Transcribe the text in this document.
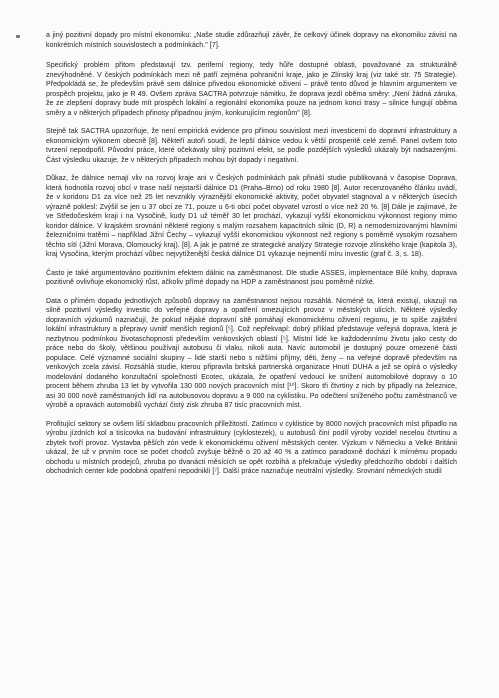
a jiný pozitivní dopady pro místní ekonomiku: „Naše studie zdůrazňují závěr, že celkový účinek dopravy na ekonomiku závisí na konkrétních místních souvislostech a podmínkách." [7].

Specifický problém přitom představují tzv. periferní regiony, tedy hůře dostupné oblasti, považované za strukturálně znevýhodněné. V českých podmínkách mezi ně patří zejména pohraniční kraje, jako je Zlínský kraj (viz také str. 75 Strategie). Předpokládá se, že především právě sem dálnice přivedou ekonomické oživení – právě tento důvod je hlavním argumentem ve prospěch projektu, jako je R 49. Ovšem zpráva SACTRA potvrzuje námitku, že doprava jezdí oběma směry: „Není žádná záruka, že ze zlepšení dopravy bude mít prospěch lokální a regionální ekonomika pouze na jednom konci trasy – silnice fungují oběma směry a v některých případech přinosy připadnou jiným, konkurujícím regionům" [8].

Stejně tak SACTRA upozorňuje, že není empirická evidence pro přímou souvislost mezi investicemi do dopravní infrastruktury a ekonomickým výkonem obecně [8]. Někteří autoři soudí, že lepší dálnice vedou k větší prosperitě celé země. Panel ovšem toto tvrzení nepodpořil. Původní práce, které očekávaly silný pozitivní efekt, se podle pozdějších výsledků ukázaly být nadsazenými. Část výsledku ukazuje, že v některých případech mohou být dopady i negativní.

Důkaz, že dálnice nemají vliv na rozvoj kraje ani v Českých podmínkách pak přináší studie publikovaná v časopise Doprava, která hodnotila rozvoj obcí v trase naší nejstarší dálnice D1 (Praha–Brno) od roku 1980 [8]. Autor recenzovaného článku uvádí, že v koridoru D1 za více než 25 let nevznikly výraznějiší ekonomické aktivity, počet obyvatel stagnoval a v některých úsecích výrazně poklesl: Zvýšil se jen u 37 obcí ze 71, pouze u 6-ti obcí počet obyvatel vzrostl o více než 20 %. [8] Dále je zajímavé, že ve Středočeském kraji i na Vysočině, kudy D1 už téměř 30 let prochází, vykazují vyšší ekonomickou výkonnost regiony mimo koridor dálnice. V krajském srovnání některé regiony s malým rozsahem kapacitních silnic (D, R) a nemodernizovanými hlavními železničními tratěmi – například Jižní Čechy – vykazují vyšší ekonomickou výkonnost než regiony s poměrně vysokým rozsahem těchto sítí (Jižní Morava, Olomoucký kraj). [8]. A jak je patrné ze strategické analýzy Strategie rozvoje zlínského kraje (kapitola 3), kraj Vysočina, kterým prochází vůbec nejvytíženější česká dálnice D1 vykazuje nejmenší míru investic (graf č. 3, s. 18).

Často je také argumentováno pozitivním efektem dálnic na zaměstnanost. Dle studie ASSES, implementace Bílé knihy, doprava pozitivně ovlivňuje ekonomický růst, ačkoliv přímé dopady na HDP a zaměstnanost jsou poměrně nízké.

Data o přímém dopadu jednotlivých způsobů dopravy na zaměstnanost nejsou rozsáhlá. Nicméně ta, která existují, ukazují na silně pozitivní výsledky investic do veřejné dopravy a opatření omezujících provoz v městských ulicích. Některé výsledky dopravních výzkumů naznačují, že pokud nějaké dopravní sítě pomáhají ekonomickému oživení regionu, je to spíše zajištění lokální infrastruktury a přepravy uvnitř menších regionů [⁵]. Což nepřekvapí: dobrý příklad představuje veřejná doprava, která je nezbytnou podmínkou životaschopnosti především venkovských oblastí [⁵]. Místní lidé ke každodennímu životu jako cesty do práce nebo do školy, většinou používají autobusu či vlaku, nikoli auta. Navíc automobil je dostupný pouze omezené části populace. Celé významné sociální skupiny – lidé starší nebo s nižšími příjmy, děti, ženy – na veřejné dopravě především na venkových zcela závisí. Rozsáhlá studie, kterou připravila britská partnerská organizace Hnutí DUHA a jež se opírá o výsledky modelování dodaného konzultační společností Ecotec, ukázala, že opatření vedoucí ke snížení automobilové dopravy o 10 procent během zhruba 13 let by vytvořila 130 000 nových pracovních míst [¹⁰]. Skoro tři čtvrtiny z nich by připadly na železnice, asi 30 000 nově zaměstnaných lidí na autobusovou dopravu a 9 000 na cyklistiku. Po odečtení sníženého počtu zaměstnanců ve výrobě a opravách automobilů vychází čistý zisk zhruba 87 tisíc pracovních míst.

Profitující sektory se ovšem liší skladbou pracovních příležitostí. Zatímco v cyklistice by 8000 nových pracovních míst připadlo na výrobu jízdních kol a tisícovka na budování infrastruktury (cyklostezek), u autobusů činí podíl výroby vozidel necelou čtvrtinu a zbytek tvoří provoz. Vystavba pěších zón vede k ekonomickému oživení městských center. Výzkum v Německu a Velké Británii ukázal, že už v prvním roce se počet chodců zvyšuje běžně o 20 až 40 % a zatímco paradoxně dochází k mírnému propadu obchodu u místních prodejců, zhruba po dvanácti měsících se opět rozbíhá a překračuje výsledky předchozího období i dalších obchodních center kde podobná opatření nepodnikli [⁷]. Další práce naznačuje neutrální výsledky. Srovnání německých studií
